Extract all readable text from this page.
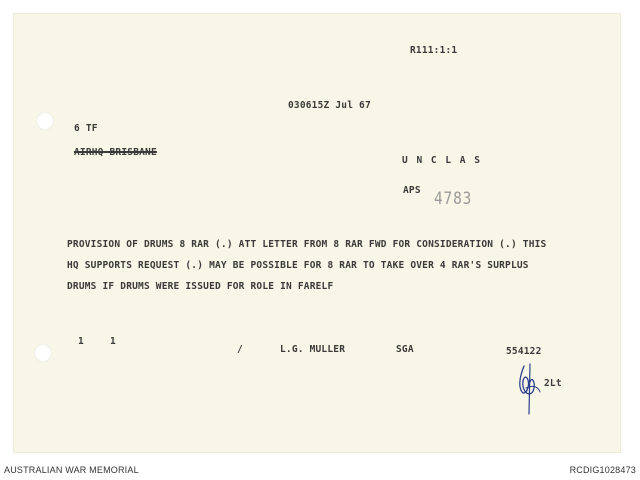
R111:1:1
030615Z Jul 67
6 TF
AIRHQ BRISBANE
U N C L A S
APS 4783
PROVISION OF DRUMS 8 RAR (.) ATT LETTER FROM 8 RAR FWD FOR CONSIDERATION (.) THIS
HQ SUPPORTS REQUEST (.) MAY BE POSSIBLE FOR 8 RAR TO TAKE OVER 4 RAR'S SURPLUS
DRUMS IF DRUMS WERE ISSUED FOR ROLE IN FARELF
1	1
/	L.G. MULLER	SGA	554122
2Lt
AUSTRALIAN WAR MEMORIAL	RCDIG1028473
